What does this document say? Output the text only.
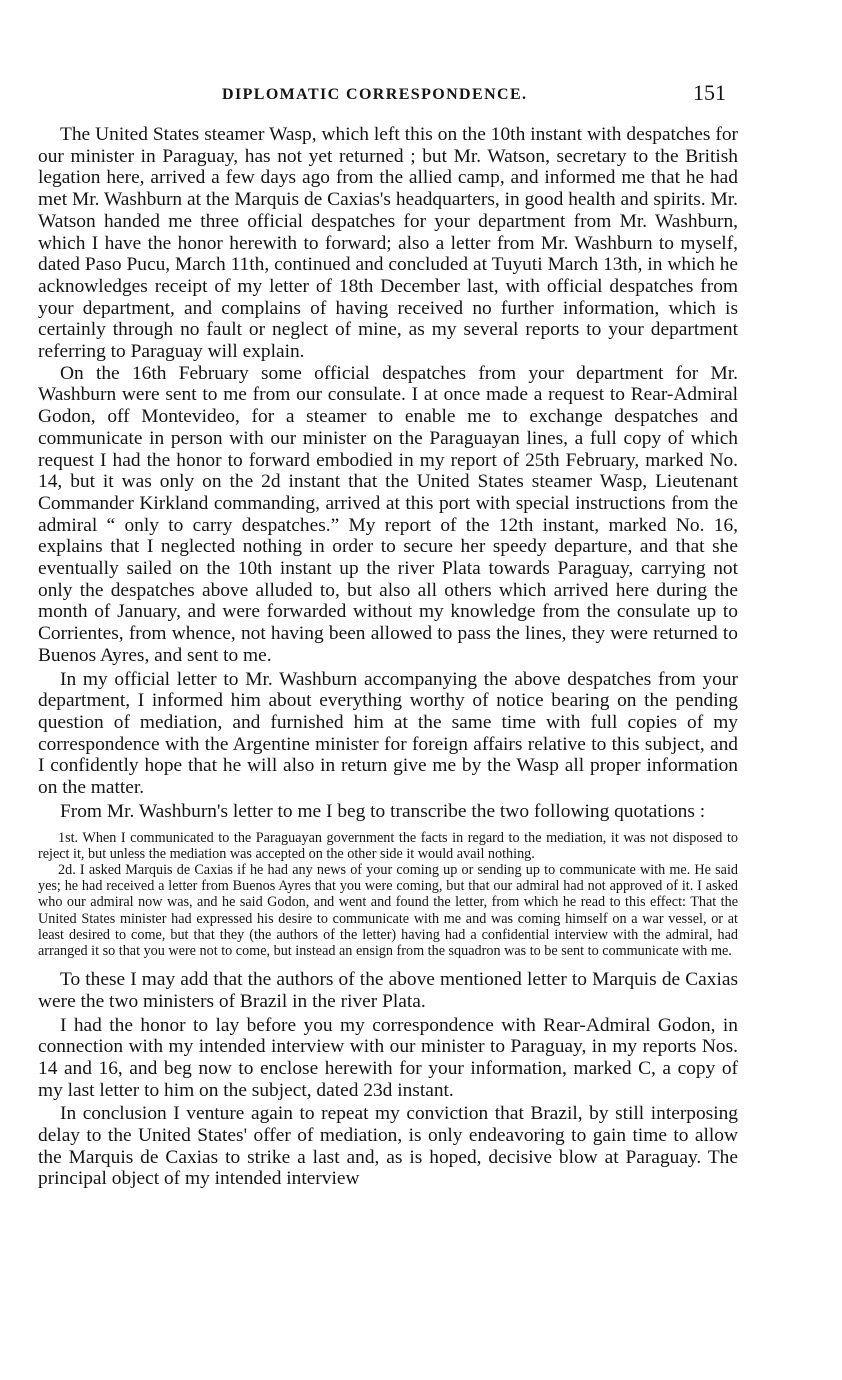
DIPLOMATIC CORRESPONDENCE.	151

The United States steamer Wasp, which left this on the 10th instant with despatches for our minister in Paraguay, has not yet returned ; but Mr. Watson, secretary to the British legation here, arrived a few days ago from the allied camp, and informed me that he had met Mr. Washburn at the Marquis de Caxias's headquarters, in good health and spirits. Mr. Watson handed me three official despatches for your department from Mr. Washburn, which I have the honor herewith to forward; also a letter from Mr. Washburn to myself, dated Paso Pucu, March 11th, continued and concluded at Tuyuti March 13th, in which he acknowledges receipt of my letter of 18th December last, with official despatches from your department, and complains of having received no further information, which is certainly through no fault or neglect of mine, as my several reports to your department referring to Paraguay will explain.

On the 16th February some official despatches from your department for Mr. Washburn were sent to me from our consulate. I at once made a request to Rear-Admiral Godon, off Montevideo, for a steamer to enable me to exchange despatches and communicate in person with our minister on the Paraguayan lines, a full copy of which request I had the honor to forward embodied in my report of 25th February, marked No. 14, but it was only on the 2d instant that the United States steamer Wasp, Lieutenant Commander Kirkland commanding, arrived at this port with special instructions from the admiral “ only to carry despatches.” My report of the 12th instant, marked No. 16, explains that I neglected nothing in order to secure her speedy departure, and that she eventually sailed on the 10th instant up the river Plata towards Paraguay, carrying not only the despatches above alluded to, but also all others which arrived here during the month of January, and were forwarded without my knowledge from the consulate up to Corrientes, from whence, not having been allowed to pass the lines, they were returned to Buenos Ayres, and sent to me.

In my official letter to Mr. Washburn accompanying the above despatches from your department, I informed him about everything worthy of notice bearing on the pending question of mediation, and furnished him at the same time with full copies of my correspondence with the Argentine minister for foreign affairs relative to this subject, and I confidently hope that he will also in return give me by the Wasp all proper information on the matter.

From Mr. Washburn's letter to me I beg to transcribe the two following quotations :

1st. When I communicated to the Paraguayan government the facts in regard to the mediation, it was not disposed to reject it, but unless the mediation was accepted on the other side it would avail nothing.

2d. I asked Marquis de Caxias if he had any news of your coming up or sending up to communicate with me. He said yes; he had received a letter from Buenos Ayres that you were coming, but that our admiral had not approved of it. I asked who our admiral now was, and he said Godon, and went and found the letter, from which he read to this effect: That the United States minister had expressed his desire to communicate with me and was coming himself on a war vessel, or at least desired to come, but that they (the authors of the letter) having had a confidential interview with the admiral, had arranged it so that you were not to come, but instead an ensign from the squadron was to be sent to communicate with me.

To these I may add that the authors of the above mentioned letter to Marquis de Caxias were the two ministers of Brazil in the river Plata.

I had the honor to lay before you my correspondence with Rear-Admiral Godon, in connection with my intended interview with our minister to Paraguay, in my reports Nos. 14 and 16, and beg now to enclose herewith for your information, marked C, a copy of my last letter to him on the subject, dated 23d instant.

In conclusion I venture again to repeat my conviction that Brazil, by still interposing delay to the United States' offer of mediation, is only endeavoring to gain time to allow the Marquis de Caxias to strike a last and, as is hoped, decisive blow at Paraguay. The principal object of my intended interview
